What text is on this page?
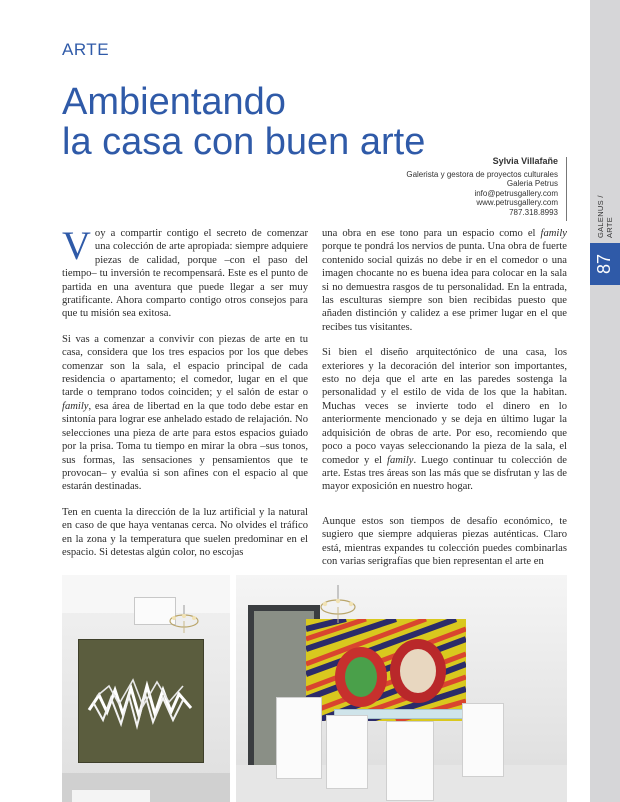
87
GALENUS / ARTE
ARTE
Ambientando
la casa con buen arte	Sylvia Villafañe
Galerista y gestora de proyectos culturales
Galeria Petrus
info@petrusgallery.com
www.petrusgallery.com
787.318.8993

Voy a compartir contigo el secreto de comenzar una colección de arte apropiada: siempre adquiere piezas de calidad, porque –con el paso del tiempo– tu inversión te recompensará. Este es el punto de partida en una aventura que puede llegar a ser muy gratificante. Ahora comparto contigo otros consejos para que tu misión sea exitosa.

Si vas a comenzar a convivir con piezas de arte en tu casa, considera que los tres espacios por los que debes comenzar son la sala, el espacio principal de cada residencia o apartamento; el comedor, lugar en el que tarde o temprano todos coinciden; y el salón de estar o family, esa área de libertad en la que todo debe estar en sintonía para lograr ese anhelado estado de relajación. No selecciones una pieza de arte para estos espacios guiado por la prisa. Toma tu tiempo en mirar la obra –sus tonos, sus formas, las sensaciones y pensamientos que te provocan– y evalúa si son afines con el espacio al que estarán destinadas.

Ten en cuenta la dirección de la luz artificial y la natural en caso de que haya ventanas cerca. No olvides el tráfico en la zona y la temperatura que suelen predominar en el espacio. Si detestas algún color, no escojas

una obra en ese tono para un espacio como el family porque te pondrá los nervios de punta. Una obra de fuerte contenido social quizás no debe ir en el comedor o una imagen chocante no es buena idea para colocar en la sala si no demuestra rasgos de tu personalidad. En la entrada, las esculturas siempre son bien recibidas puesto que añaden distinción y calidez a ese primer lugar en el que recibes tus visitantes.

Si bien el diseño arquitectónico de una casa, los exteriores y la decoración del interior son importantes, esto no deja que el arte en las paredes sostenga la personalidad y el estilo de vida de los que la habitan. Muchas veces se invierte todo el dinero en lo anteriormente mencionado y se deja en último lugar la adquisición de obras de arte. Por eso, recomiendo que poco a poco vayas seleccionando la pieza de la sala, el comedor y el family. Luego continuar tu colección de arte. Estas tres áreas son las más que se disfrutan y las de mayor exposición en nuestro hogar.

Aunque estos son tiempos de desafío económico, te sugiero que siempre adquieras piezas auténticas. Claro está, mientras expandes tu colección puedes combinarlas con varias serigrafías que bien representan el arte en
